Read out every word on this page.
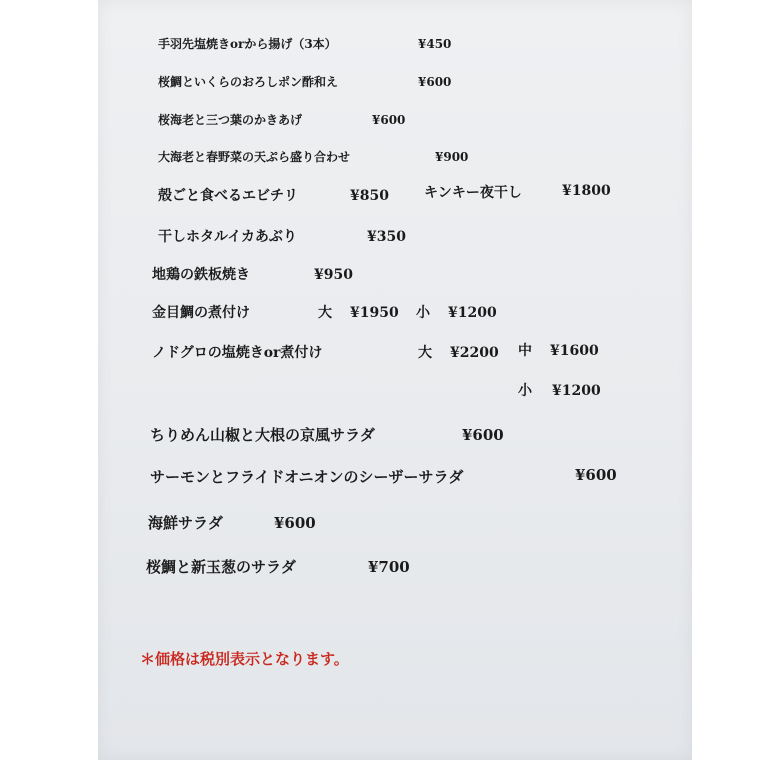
手羽先塩焼きorから揚げ（3本）	¥450
桜鯛といくらのおろしポン酢和え	¥600
桜海老と三つ葉のかきあげ	¥600
大海老と春野菜の天ぷら盛り合わせ	¥900
殻ごと食べるエビチリ	¥850	キンキー夜干し	¥1800
干しホタルイカあぶり	¥350
地鶏の鉄板焼き	¥950
金目鯛の煮付け	大 ¥1950 小 ¥1200
ノドグロの塩焼きor煮付け	大 ¥2200 中 ¥1600
小 ¥1200
ちりめん山椒と大根の京風サラダ	¥600
サーモンとフライドオニオンのシーザーサラダ	¥600
海鮮サラダ	¥600
桜鯛と新玉葱のサラダ	¥700
＊価格は税別表示となります。
